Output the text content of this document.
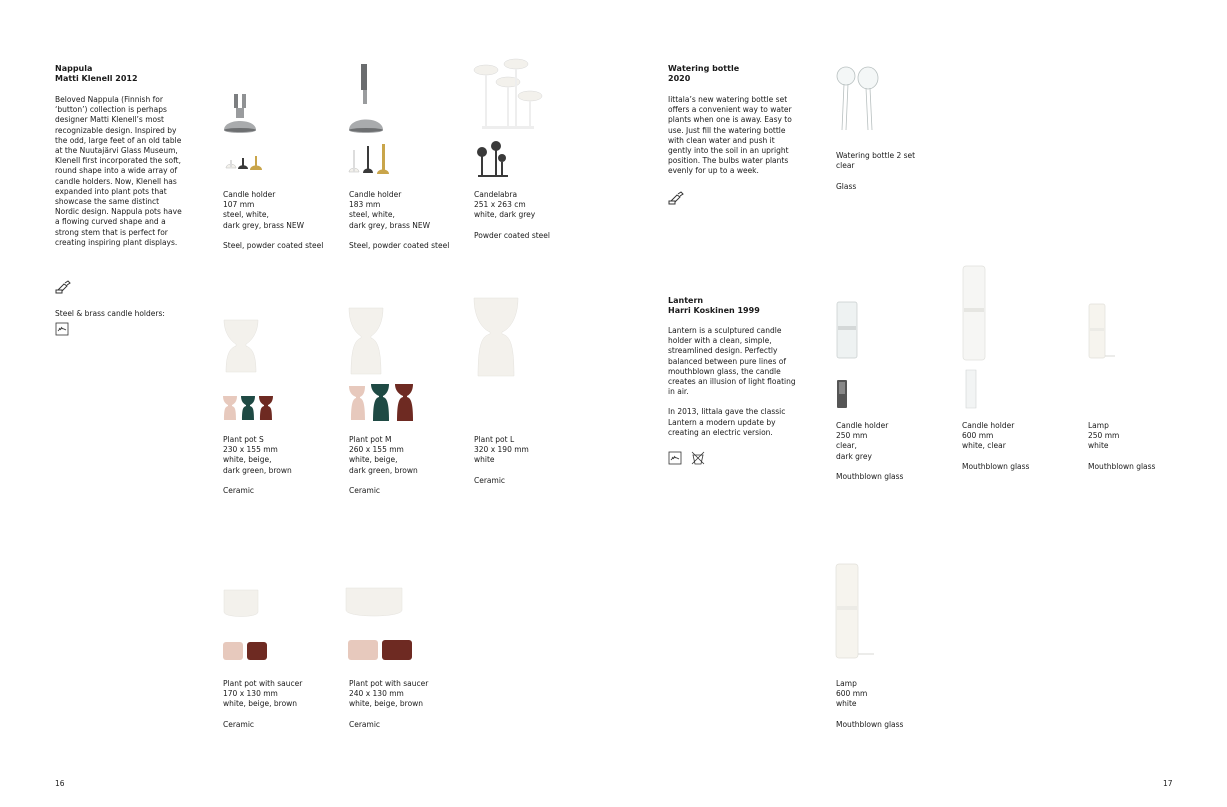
Nappula
Matti Klenell 2012

Beloved Nappula (Finnish for ‘button’) collection is perhaps designer Matti Klenell’s most recognizable design. Inspired by the odd, large feet of an old table at the Nuutajärvi Glass Museum, Klenell first incorporated the soft, round shape into a wide array of candle holders. Now, Klenell has expanded into plant pots that showcase the same distinct Nordic design. Nappula pots have a flowing curved shape and a strong stem that is perfect for creating inspiring plant displays.

Steel & brass candle holders:
Candle holder
107 mm
steel, white,
dark grey, brass NEW
Steel, powder coated steel
Candle holder
183 mm
steel, white,
dark grey, brass NEW
Steel, powder coated steel
Candelabra
251 x 263 cm
white, dark grey
Powder coated steel
Plant pot S
230 x 155 mm
white, beige,
dark green, brown
Ceramic
Plant pot M
260 x 155 mm
white, beige,
dark green, brown
Ceramic
Plant pot L
320 x 190 mm
white
Ceramic
Plant pot with saucer
170 x 130 mm
white, beige, brown
Ceramic
Plant pot with saucer
240 x 130 mm
white, beige, brown
Ceramic
16
Watering bottle
2020

Iittala’s new watering bottle set offers a convenient way to water plants when one is away. Easy to use. Just fill the watering bottle with clean water and push it gently into the soil in an upright position. The bulbs water plants evenly for up to a week.

Watering bottle 2 set
clear
Glass
Lantern
Harri Koskinen 1999

Lantern is a sculptured candle holder with a clean, simple, streamlined design. Perfectly balanced between pure lines of mouthblown glass, the candle creates an illusion of light floating in air.

In 2013, Iittala gave the classic Lantern a modern update by creating an electric version.

Candle holder
250 mm
clear,
dark grey
Mouthblown glass
Candle holder
600 mm
white, clear
Mouthblown glass
Lamp
250 mm
white
Mouthblown glass
Lamp
600 mm
white
Mouthblown glass
17
